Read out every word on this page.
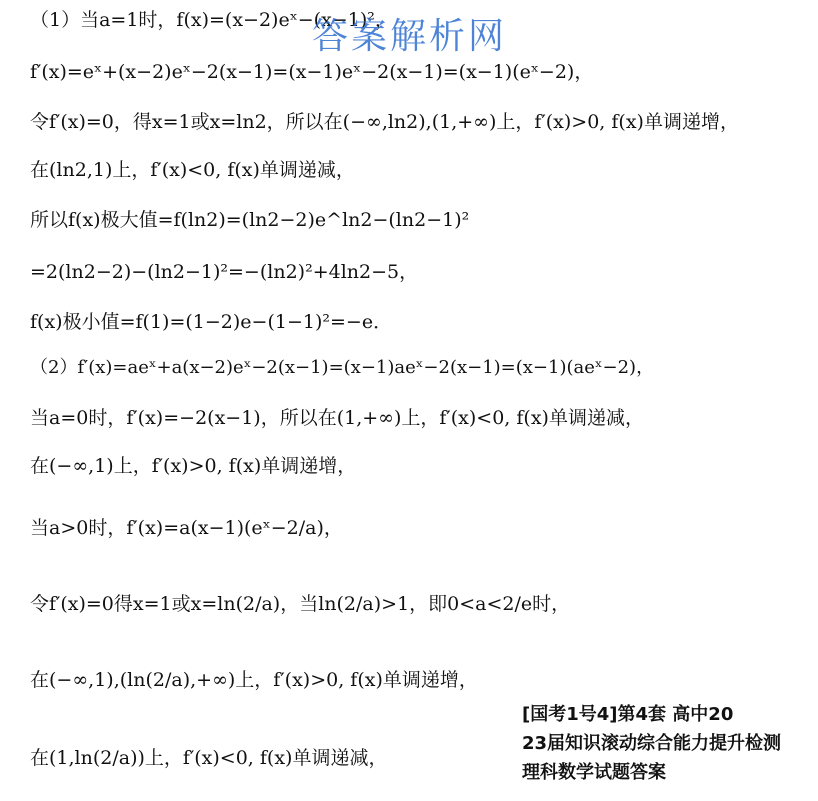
（1）当a=1时，f(x)=(x−2)eˣ−(x−1)²，
f′(x)=eˣ+(x−2)eˣ−2(x−1)=(x−1)eˣ−2(x−1)=(x−1)(eˣ−2)，
令f′(x)=0，得x=1或x=ln2，所以在(−∞,ln2),(1,+∞)上，f′(x)>0, f(x)单调递增，
在(ln2,1)上，f′(x)<0, f(x)单调递减，
所以f(x)极大值=f(ln2)=(ln2−2)e^ln2−(ln2−1)²
=2(ln2−2)−(ln2−1)²=−(ln2)²+4ln2−5，
f(x)极小值=f(1)=(1−2)e−(1−1)²=−e．
（2）f′(x)=aeˣ+a(x−2)eˣ−2(x−1)=(x−1)aeˣ−2(x−1)=(x−1)(aeˣ−2)，
当a=0时，f′(x)=−2(x−1)，所以在(1,+∞)上，f′(x)<0, f(x)单调递减，
在(−∞,1)上，f′(x)>0, f(x)单调递增，
当a>0时，f′(x)=a(x−1)(eˣ−2/a)，
令f′(x)=0得x=1或x=ln(2/a)，当ln(2/a)>1，即0<a<2/e时，
在(−∞,1),(ln(2/a),+∞)上，f′(x)>0, f(x)单调递增，
在(1,ln(2/a))上，f′(x)<0, f(x)单调递减，
答案解析网
[国考1号4]第4套 高中20
23届知识滚动综合能力提升检测
理科数学试题答案
